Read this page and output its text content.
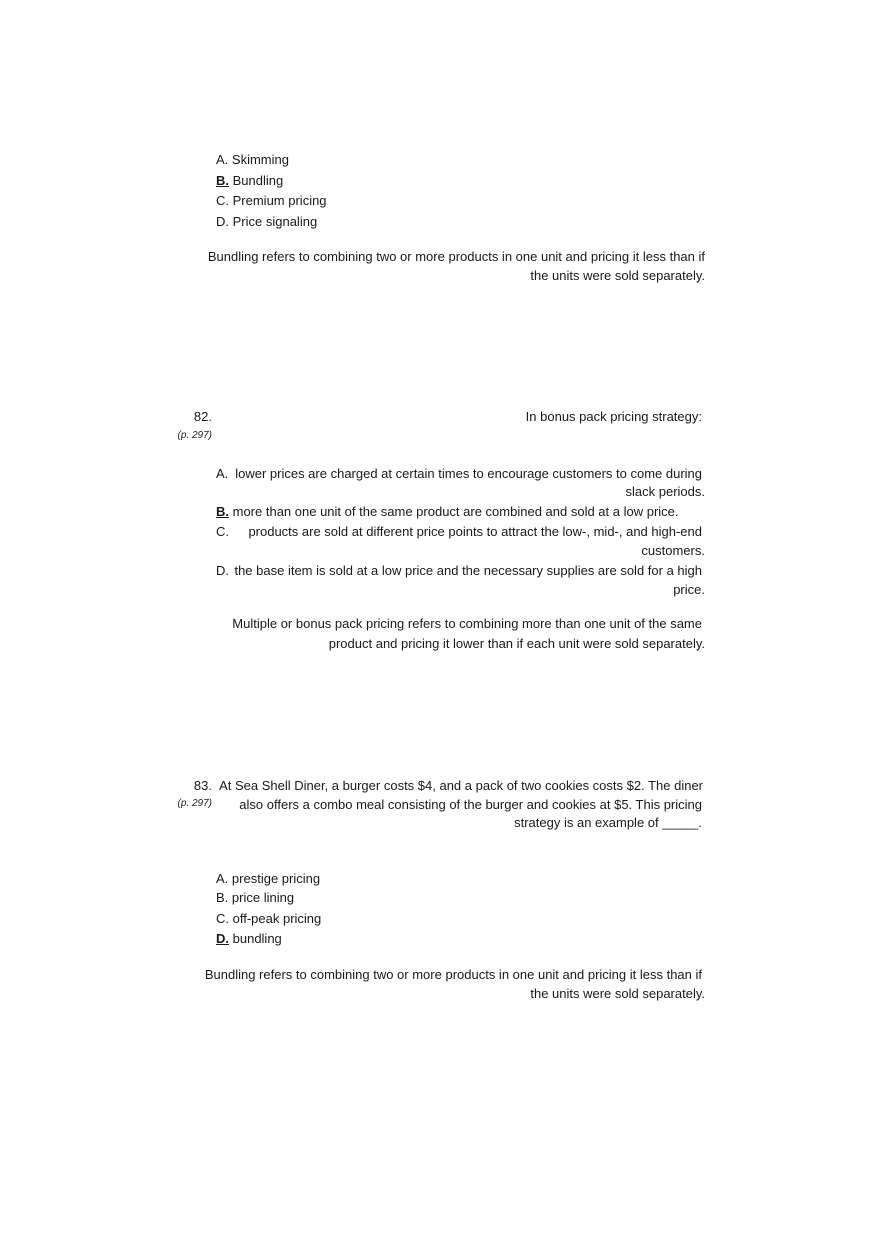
A. Skimming
B. Bundling
C. Premium pricing
D. Price signaling
Bundling refers to combining two or more products in one unit and pricing it less than if
the units were sold separately.
82.
(p. 297)
In bonus pack pricing strategy:
A. lower prices are charged at certain times to encourage customers to come during
slack periods.
B. more than one unit of the same product are combined and sold at a low price.
C. products are sold at different price points to attract the low-, mid-, and high-end
customers.
D. the base item is sold at a low price and the necessary supplies are sold for a high
price.
Multiple or bonus pack pricing refers to combining more than one unit of the same
product and pricing it lower than if each unit were sold separately.
83.
(p. 297)
At Sea Shell Diner, a burger costs $4, and a pack of two cookies costs $2. The diner
also offers a combo meal consisting of the burger and cookies at $5. This pricing
strategy is an example of _____.
A. prestige pricing
B. price lining
C. off-peak pricing
D. bundling
Bundling refers to combining two or more products in one unit and pricing it less than if
the units were sold separately.
